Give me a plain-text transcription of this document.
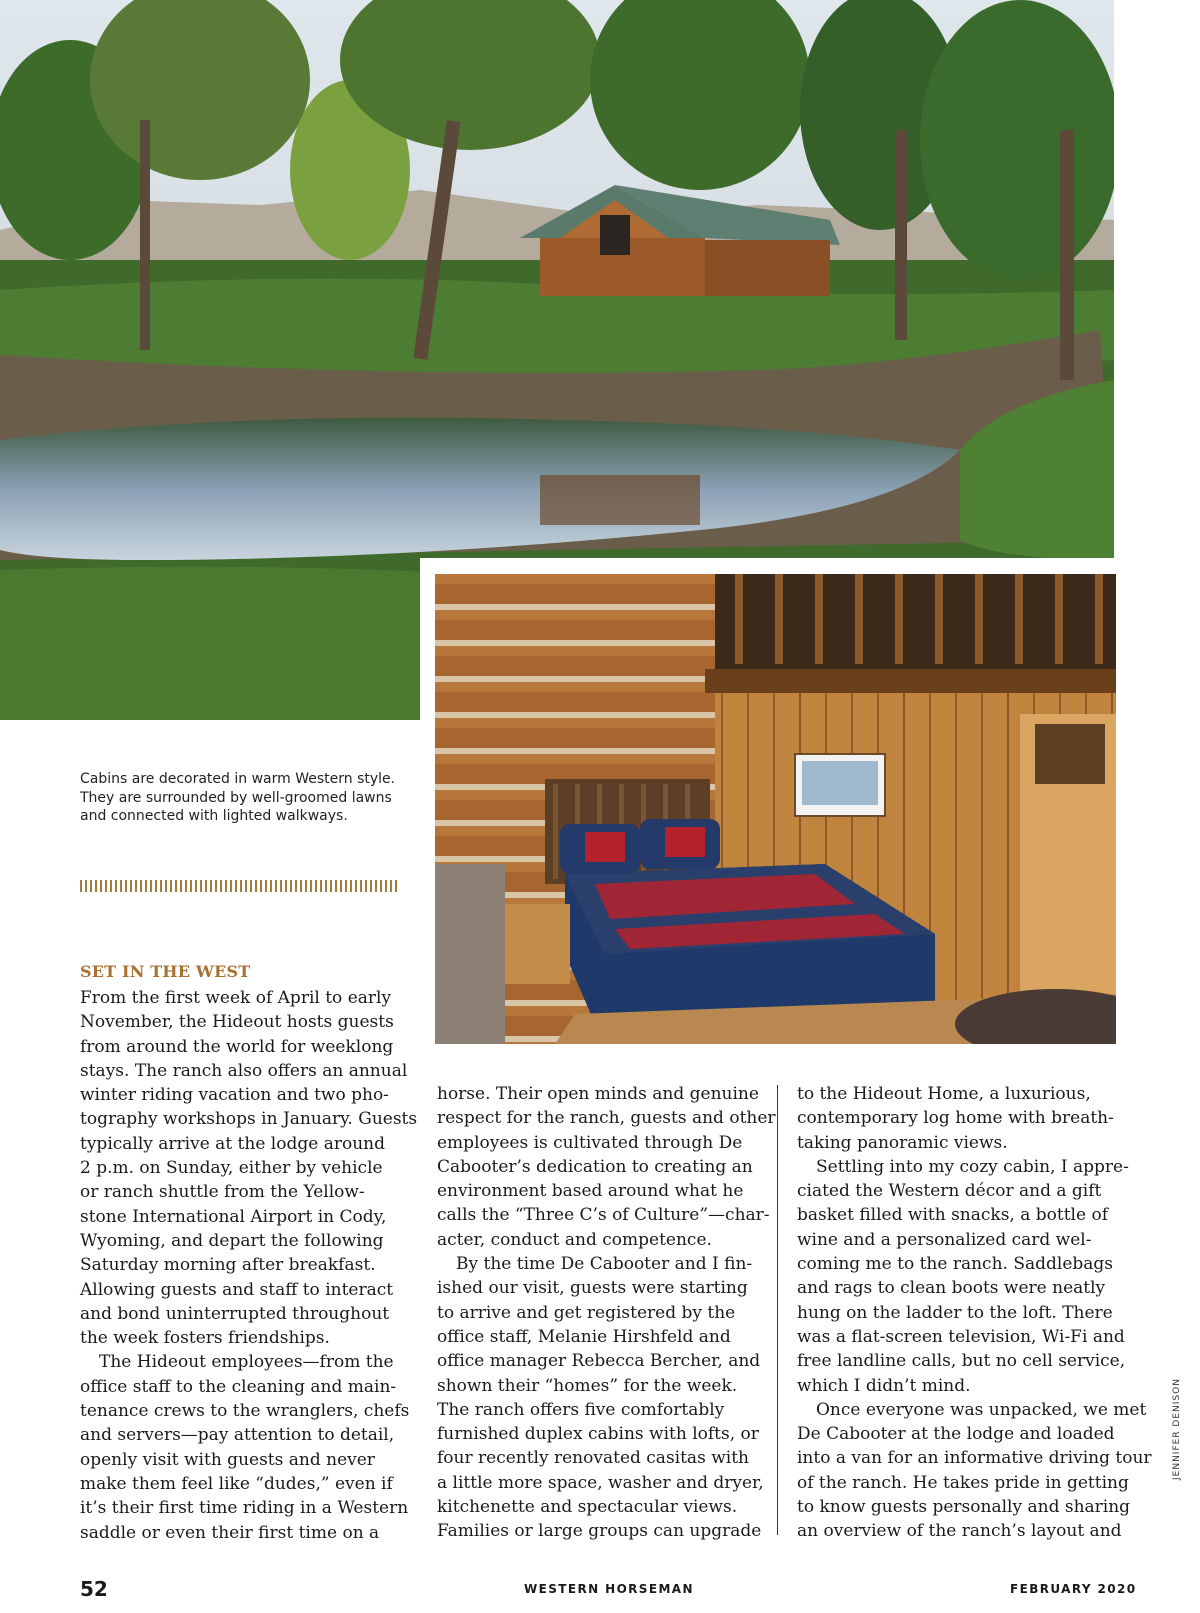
Cabins are decorated in warm Western style.
They are surrounded by well-groomed lawns
and connected with lighted walkways.
SET IN THE WEST
From the first week of April to early
November, the Hideout hosts guests
from around the world for weeklong
stays. The ranch also offers an annual
winter riding vacation and two pho-
tography workshops in January. Guests
typically arrive at the lodge around
2 p.m. on Sunday, either by vehicle
or ranch shuttle from the Yellow-
stone International Airport in Cody,
Wyoming, and depart the following
Saturday morning after breakfast.
Allowing guests and staff to interact
and bond uninterrupted throughout
the week fosters friendships.
The Hideout employees—from the
office staff to the cleaning and main-
tenance crews to the wranglers, chefs
and servers—pay attention to detail,
openly visit with guests and never
make them feel like “dudes,” even if
it’s their first time riding in a Western
saddle or even their first time on a
horse. Their open minds and genuine
respect for the ranch, guests and other
employees is cultivated through De
Cabooter’s dedication to creating an
environment based around what he
calls the “Three C’s of Culture”—char-
acter, conduct and competence.
By the time De Cabooter and I fin-
ished our visit, guests were starting
to arrive and get registered by the
office staff, Melanie Hirshfeld and
office manager Rebecca Bercher, and
shown their “homes” for the week.
The ranch offers five comfortably
furnished duplex cabins with lofts, or
four recently renovated casitas with
a little more space, washer and dryer,
kitchenette and spectacular views.
Families or large groups can upgrade
to the Hideout Home, a luxurious,
contemporary log home with breath-
taking panoramic views.
Settling into my cozy cabin, I appre-
ciated the Western décor and a gift
basket filled with snacks, a bottle of
wine and a personalized card wel-
coming me to the ranch. Saddlebags
and rags to clean boots were neatly
hung on the ladder to the loft. There
was a flat-screen television, Wi-Fi and
free landline calls, but no cell service,
which I didn’t mind.
Once everyone was unpacked, we met
De Cabooter at the lodge and loaded
into a van for an informative driving tour
of the ranch. He takes pride in getting
to know guests personally and sharing
an overview of the ranch’s layout and
JENNIFER DENISON
52	WESTERN HORSEMAN	FEBRUARY 2020
